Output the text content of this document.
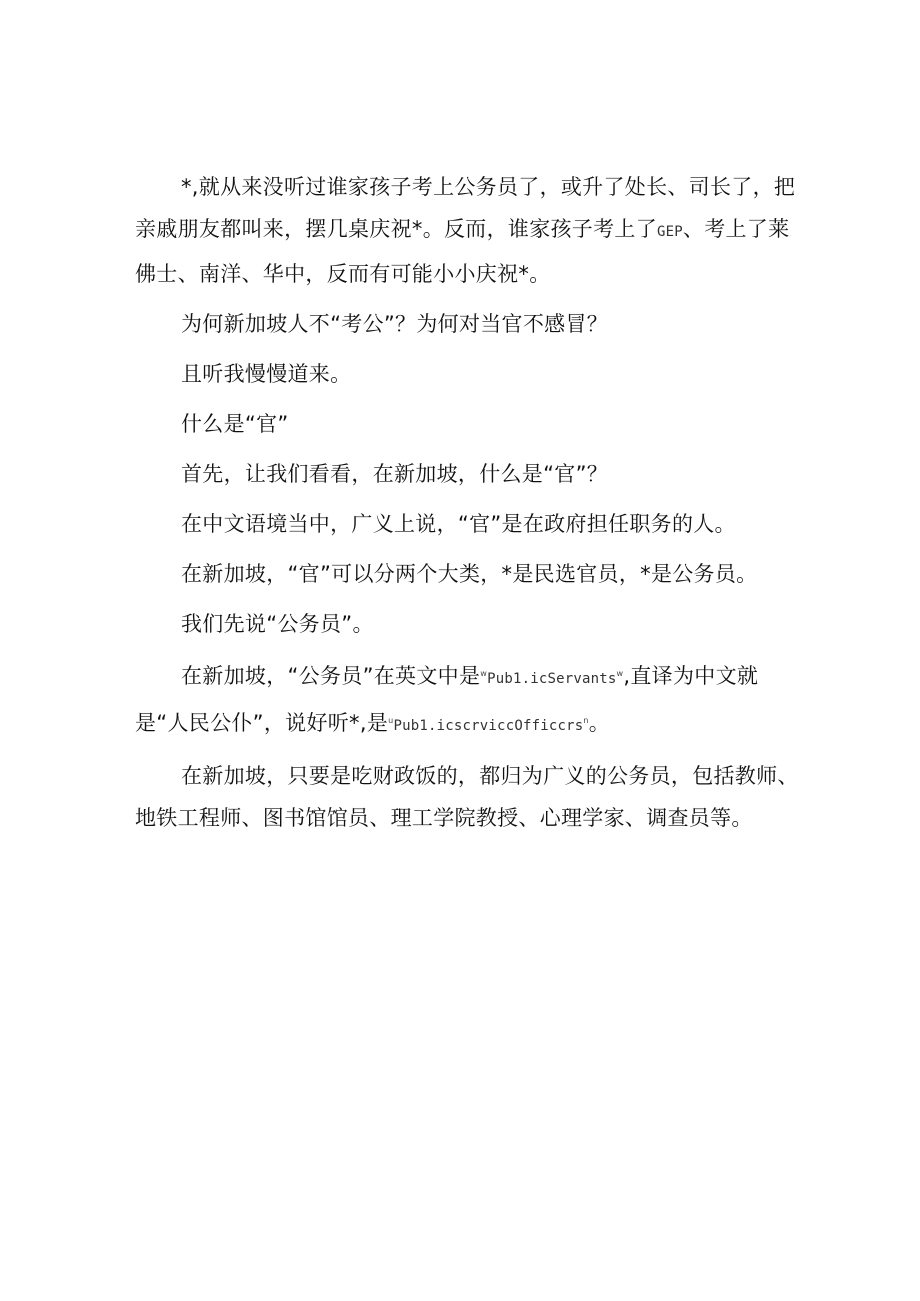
*,就从来没听过谁家孩子考上公务员了，或升了处长、司长了，把亲戚朋友都叫来，摆几桌庆祝*。反而，谁家孩子考上了GEP、考上了莱佛士、南洋、华中，反而有可能小小庆祝*。

为何新加坡人不“考公”？为何对当官不感冒？

且听我慢慢道来。

什么是“官”

首先，让我们看看，在新加坡，什么是“官”？

在中文语境当中，广义上说，“官”是在政府担任职务的人。

在新加坡，“官”可以分两个大类，*是民选官员，*是公务员。

我们先说“公务员”。

在新加坡，“公务员”在英文中是$^w$Pub1.icServants$^w$,直译为中文就是“人民公仆”，说好听*,是$^u$Pub1.icscrviccOfficcrs$^n$。

在新加坡，只要是吃财政饭的，都归为广义的公务员，包括教师、地铁工程师、图书馆馆员、理工学院教授、心理学家、调查员等。
